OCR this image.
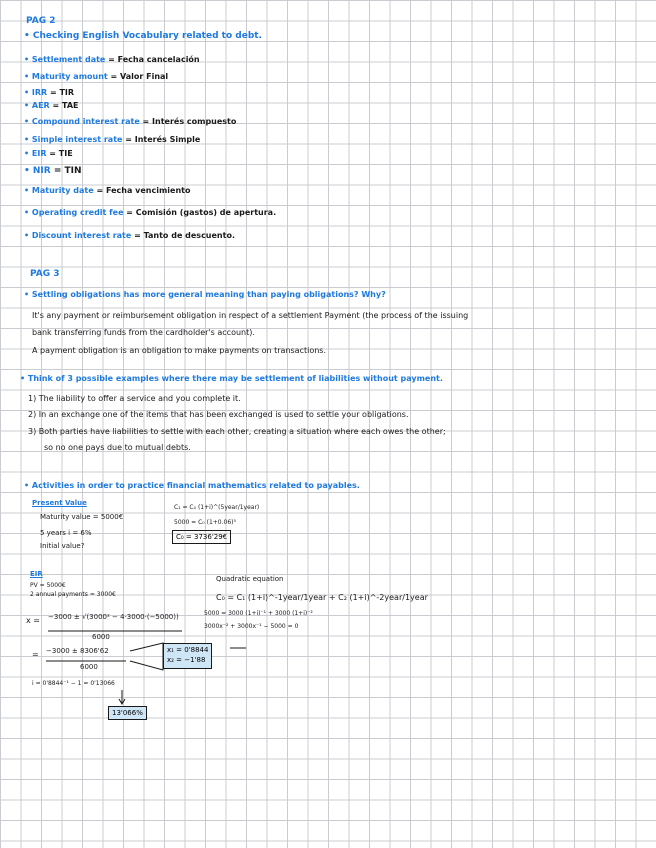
PAG 2
• Checking English Vocabulary related to debt.
• Settlement date = Fecha cancelación
• Maturity amount = Valor Final
• IRR = TIR
• AER = TAE
• Compound interest rate = Interés compuesto
• Simple interest rate = Interés Simple
• EIR = TIE
• NIR = TIN
• Maturity date = Fecha vencimiento
• Operating credit fee = Comisión (gastos) de apertura.
• Discount interest rate = Tanto de descuento.
PAG 3
• Settling obligations has more general meaning than paying obligations? Why?
It's any payment or reimbursement obligation in respect of a settlement Payment (the process of the issuing
bank transferring funds from the cardholder's account).
A payment obligation is an obligation to make payments on transactions.
• Think of 3 possible examples where there may be settlement of liabilities without payment.
1) The liability to offer a service and you complete it.
2) In an exchange one of the items that has been exchanged is used to settle your obligations.
3) Both parties have liabilities to settle with each other, creating a situation where each owes the other;
so no one pays due to mutual debts.
• Activities in order to practice financial mathematics related to payables.
Present Value
Maturity value = 5000€
5 years i = 6%
Initial value?
C₁ = C₀ (1+i)^(5year/1year)
5000 = C₀ (1+0.06)⁵
C₀ = 3736'29€
EIR
PV = 5000€
2 annual payments = 3000€
Quadratic equation
C₀ = C₁ (1+i)^-1year/1year + C₂ (1+i)^-2year/1year
5000 = 3000 (1+i)⁻¹ + 3000 (1+i)⁻²
3000x⁻² + 3000x⁻¹ − 5000 = 0
x = −3000 ± √(3000² − 4·3000·(−5000))
6000
= −3000 ± 8306'62
6000
x₁ = 0'8844
x₂ = −1'88
i = 0'8844⁻¹ − 1 = 0'13066
13'066%
